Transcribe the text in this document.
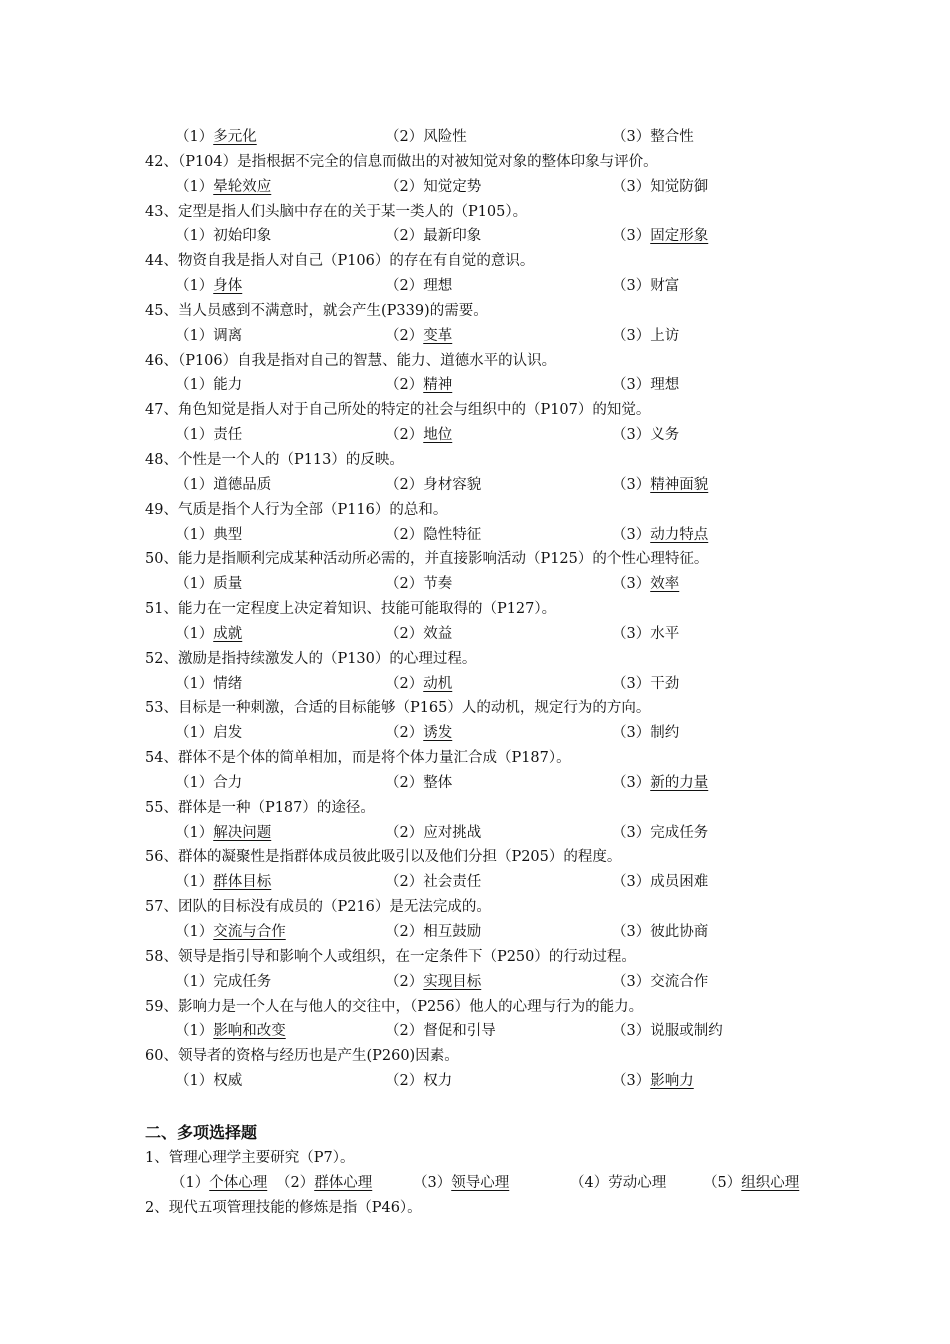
（1）多元化	（2）风险性	（3）整合性
42、（P104）是指根据不完全的信息而做出的对被知觉对象的整体印象与评价。
（1）晕轮效应	（2）知觉定势	（3）知觉防御
43、定型是指人们头脑中存在的关于某一类人的（P105）。
（1）初始印象	（2）最新印象	（3）固定形象
44、物资自我是指人对自己（P106）的存在有自觉的意识。
（1）身体	（2）理想	（3）财富
45、当人员感到不满意时，就会产生(P339)的需要。
（1）调离	（2）变革	（3）上访
46、（P106）自我是指对自己的智慧、能力、道德水平的认识。
（1）能力	（2）精神	（3）理想
47、角色知觉是指人对于自己所处的特定的社会与组织中的（P107）的知觉。
（1）责任	（2）地位	（3）义务
48、个性是一个人的（P113）的反映。
（1）道德品质	（2）身材容貌	（3）精神面貌
49、气质是指个人行为全部（P116）的总和。
（1）典型	（2）隐性特征	（3）动力特点
50、能力是指顺利完成某种活动所必需的，并直接影响活动（P125）的个性心理特征。
（1）质量	（2）节奏	（3）效率
51、能力在一定程度上决定着知识、技能可能取得的（P127）。
（1）成就	（2）效益	（3）水平
52、激励是指持续激发人的（P130）的心理过程。
（1）情绪	（2）动机	（3）干劲
53、目标是一种刺激，合适的目标能够（P165）人的动机，规定行为的方向。
（1）启发	（2）诱发	（3）制约
54、群体不是个体的简单相加，而是将个体力量汇合成（P187）。
（1）合力	（2）整体	（3）新的力量
55、群体是一种（P187）的途径。
（1）解决问题	（2）应对挑战	（3）完成任务
56、群体的凝聚性是指群体成员彼此吸引以及他们分担（P205）的程度。
（1）群体目标	（2）社会责任	（3）成员困难
57、团队的目标没有成员的（P216）是无法完成的。
（1）交流与合作	（2）相互鼓励	（3）彼此协商
58、领导是指引导和影响个人或组织，在一定条件下（P250）的行动过程。
（1）完成任务	（2）实现目标	（3）交流合作
59、影响力是一个人在与他人的交往中，（P256）他人的心理与行为的能力。
（1）影响和改变	（2）督促和引导	（3）说服或制约
60、领导者的资格与经历也是产生(P260)因素。
（1）权威	（2）权力	（3）影响力
二、多项选择题
1、管理心理学主要研究（P7）。
（1）个体心理 （2）群体心理	（3）领导心理	（4）劳动心理	（5）组织心理
2、现代五项管理技能的修炼是指（P46）。
